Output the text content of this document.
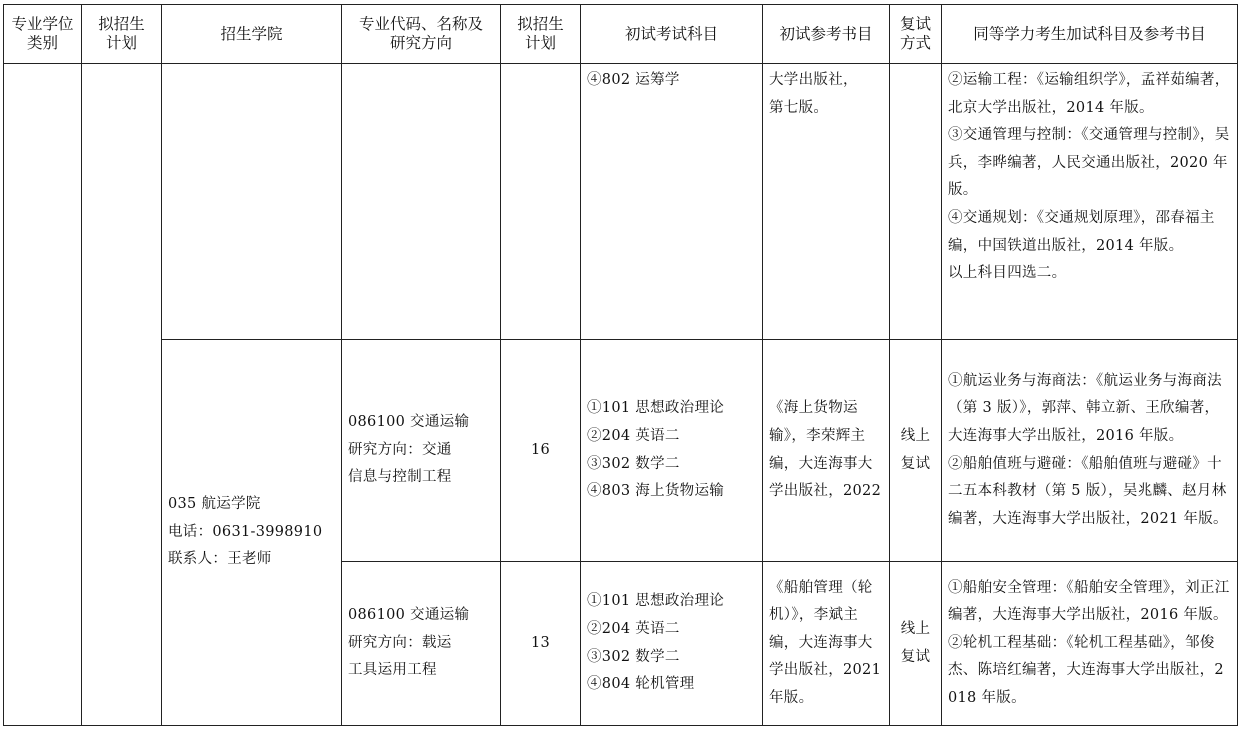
专业学位类别	拟招生计划	招生学院	专业代码、名称及研究方向	拟招生计划	初试考试科目	初试参考书目	复试方式	同等学力考生加试科目及参考书目
					④802 运筹学	大学出版社，
第七版。		②运输工程：《运输组织学》，孟祥茹编著，北京大学出版社，2014 年版。
③交通管理与控制：《交通管理与控制》，吴兵，李晔编著，人民交通出版社，2020 年版。
④交通规划：《交通规划原理》，邵春福主编，中国铁道出版社，2014 年版。
以上科目四选二。

		035 航运学院
电话：0631-3998910
联系人：王老师	086100 交通运输
研究方向：交通
信息与控制工程	16	①101 思想政治理论
②204 英语二
③302 数学二
④803 海上货物运输	《海上货物运输》，李荣辉主编，大连海事大学出版社，2022	线上
复试	①航运业务与海商法：《航运业务与海商法（第 3 版）》，郭萍、韩立新、王欣编著，大连海事大学出版社，2016 年版。
②船舶值班与避碰：《船舶值班与避碰》十二五本科教材（第 5 版），吴兆麟、赵月林编著，大连海事大学出版社，2021 年版。

			086100 交通运输
研究方向：载运
工具运用工程	13	①101 思想政治理论
②204 英语二
③302 数学二
④804 轮机管理	《船舶管理（轮机）》，李斌主编，大连海事大学出版社，2021 年版。	线上
复试	①船舶安全管理：《船舶安全管理》，刘正江编著，大连海事大学出版社，2016 年版。
②轮机工程基础：《轮机工程基础》，邹俊杰、陈培红编著，大连海事大学出版社，2018 年版。
